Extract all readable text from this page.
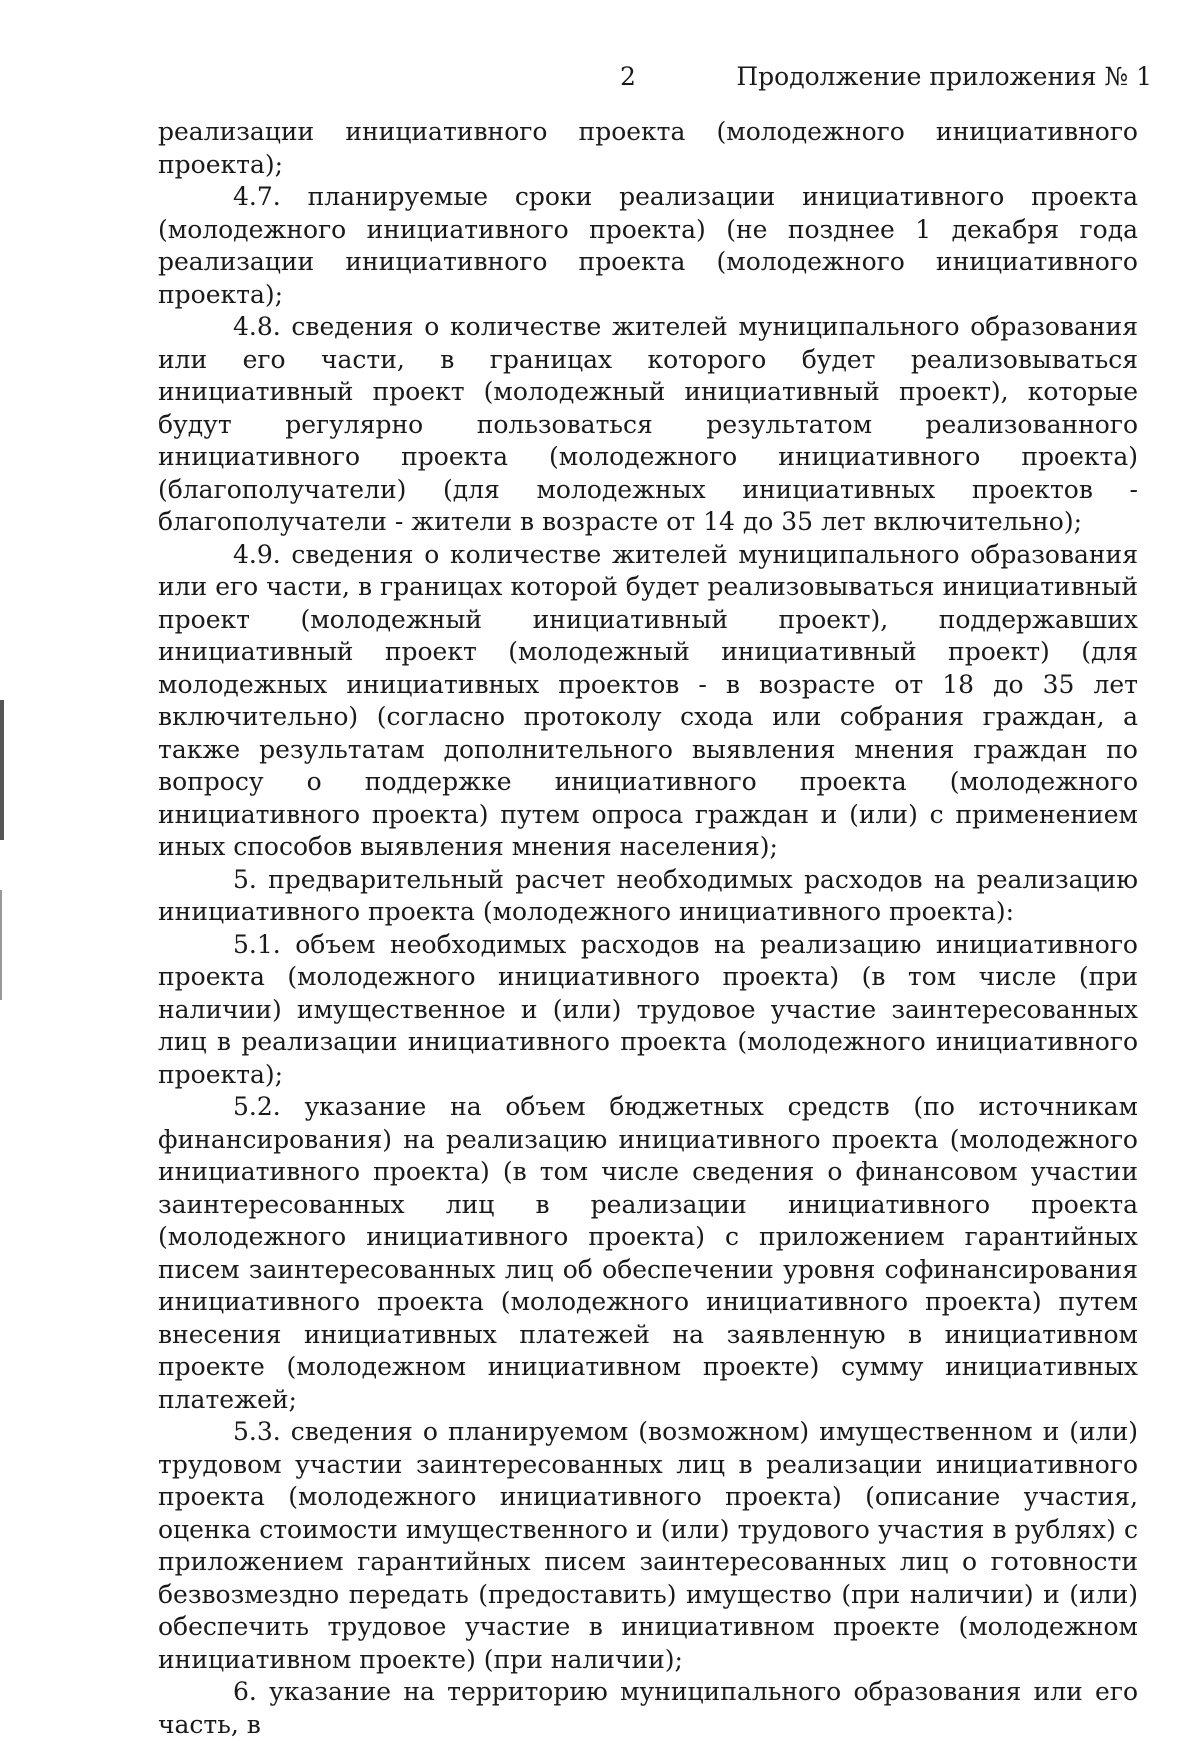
2	Продолжение приложения № 1

реализации инициативного проекта (молодежного инициативного проекта);

4.7. планируемые сроки реализации инициативного проекта (молодежного инициативного проекта) (не позднее 1 декабря года реализации инициативного проекта (молодежного инициативного проекта);

4.8. сведения о количестве жителей муниципального образования или его части, в границах которого будет реализовываться инициативный проект (молодежный инициативный проект), которые будут регулярно пользоваться результатом реализованного инициативного проекта (молодежного инициативного проекта) (благополучатели) (для молодежных инициативных проектов - благополучатели - жители в возрасте от 14 до 35 лет включительно);

4.9. сведения о количестве жителей муниципального образования или его части, в границах которой будет реализовываться инициативный проект (молодежный инициативный проект), поддержавших инициативный проект (молодежный инициативный проект) (для молодежных инициативных проектов - в возрасте от 18 до 35 лет включительно) (согласно протоколу схода или собрания граждан, а также результатам дополнительного выявления мнения граждан по вопросу о поддержке инициативного проекта (молодежного инициативного проекта) путем опроса граждан и (или) с применением иных способов выявления мнения населения);

5. предварительный расчет необходимых расходов на реализацию инициативного проекта (молодежного инициативного проекта):

5.1. объем необходимых расходов на реализацию инициативного проекта (молодежного инициативного проекта) (в том числе (при наличии) имущественное и (или) трудовое участие заинтересованных лиц в реализации инициативного проекта (молодежного инициативного проекта);

5.2. указание на объем бюджетных средств (по источникам финансирования) на реализацию инициативного проекта (молодежного инициативного проекта) (в том числе сведения о финансовом участии заинтересованных лиц в реализации инициативного проекта (молодежного инициативного проекта) с приложением гарантийных писем заинтересованных лиц об обеспечении уровня софинансирования инициативного проекта (молодежного инициативного проекта) путем внесения инициативных платежей на заявленную в инициативном проекте (молодежном инициативном проекте) сумму инициативных платежей;

5.3. сведения о планируемом (возможном) имущественном и (или) трудовом участии заинтересованных лиц в реализации инициативного проекта (молодежного инициативного проекта) (описание участия, оценка стоимости имущественного и (или) трудового участия в рублях) с приложением гарантийных писем заинтересованных лиц о готовности безвозмездно передать (предоставить) имущество (при наличии) и (или) обеспечить трудовое участие в инициативном проекте (молодежном инициативном проекте) (при наличии);

6. указание на территорию муниципального образования или его часть, в
